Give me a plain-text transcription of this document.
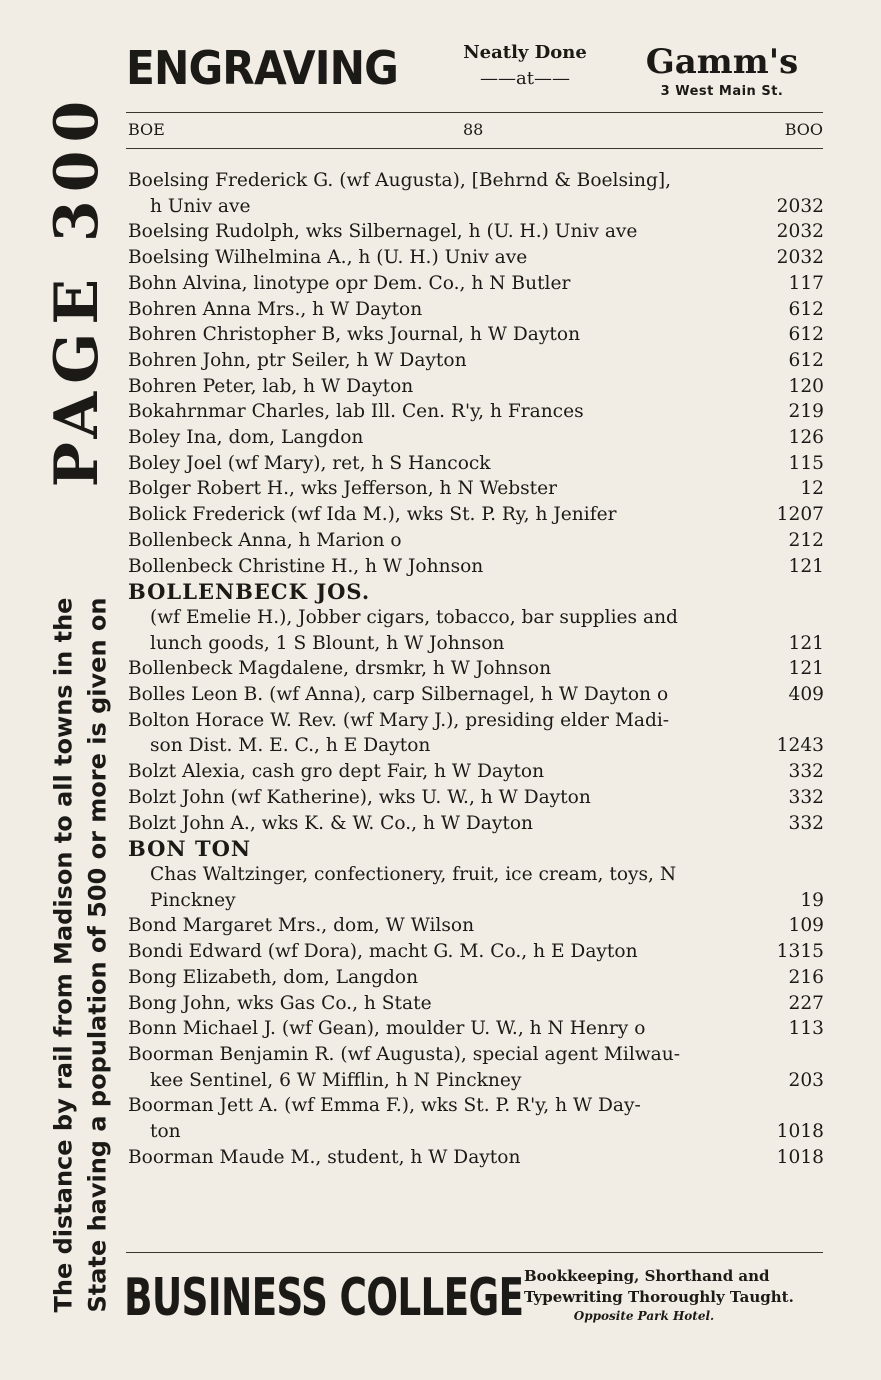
PAGE 300
The distance by rail from Madison to all towns in the State having a population of 500 or more is given on
ENGRAVING	Neatly Done
——at——	Gamm's
3 West Main St.
BOE	88	BOO
Boelsing Frederick G. (wf Augusta), [Behrnd & Boelsing],
h Univ ave	2032
Boelsing Rudolph, wks Silbernagel, h (U. H.) Univ ave	2032
Boelsing Wilhelmina A., h (U. H.) Univ ave	2032
Bohn Alvina, linotype opr Dem. Co., h N Butler	117
Bohren Anna Mrs., h W Dayton	612
Bohren Christopher B, wks Journal, h W Dayton	612
Bohren John, ptr Seiler, h W Dayton	612
Bohren Peter, lab, h W Dayton	120
Bokahrnmar Charles, lab Ill. Cen. R'y, h Frances	219
Boley Ina, dom, Langdon	126
Boley Joel (wf Mary), ret, h S Hancock	115
Bolger Robert H., wks Jefferson, h N Webster	12
Bolick Frederick (wf Ida M.), wks St. P. Ry, h Jenifer	1207
Bollenbeck Anna, h Marion o	212
Bollenbeck Christine H., h W Johnson	121
BOLLENBECK JOS.
(wf Emelie H.), Jobber cigars, tobacco, bar supplies and
lunch goods, 1 S Blount, h W Johnson	121
Bollenbeck Magdalene, drsmkr, h W Johnson	121
Bolles Leon B. (wf Anna), carp Silbernagel, h W Dayton o	409
Bolton Horace W. Rev. (wf Mary J.), presiding elder Madi-
son Dist. M. E. C., h E Dayton	1243
Bolzt Alexia, cash gro dept Fair, h W Dayton	332
Bolzt John (wf Katherine), wks U. W., h W Dayton	332
Bolzt John A., wks K. & W. Co., h W Dayton	332
BON TON
Chas Waltzinger, confectionery, fruit, ice cream, toys, N
Pinckney	19
Bond Margaret Mrs., dom, W Wilson	109
Bondi Edward (wf Dora), macht G. M. Co., h E Dayton	1315
Bong Elizabeth, dom, Langdon	216
Bong John, wks Gas Co., h State	227
Bonn Michael J. (wf Gean), moulder U. W., h N Henry o	113
Boorman Benjamin R. (wf Augusta), special agent Milwau-
kee Sentinel, 6 W Mifflin, h N Pinckney	203
Boorman Jett A. (wf Emma F.), wks St. P. R'y, h W Day-
ton	1018
Boorman Maude M., student, h W Dayton	1018
BUSINESS COLLEGE Bookkeeping, Shorthand and
Typewriting Thoroughly Taught.
Opposite Park Hotel.
